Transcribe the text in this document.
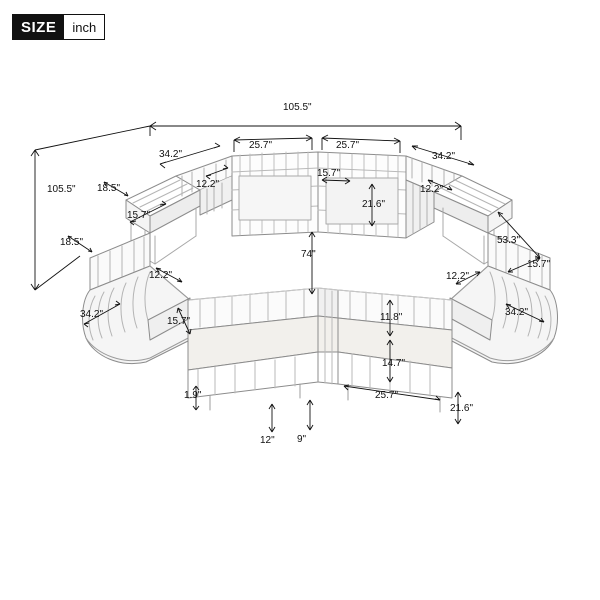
SIZE	inch
105.5"
105.5"
34.2"
25.7"	25.7"
34.2"
18.5"	12.2"
15.7"
15.7"
21.6"
12.2"
53.3"
18.5"
74"
12.2"	12.2"
15.7"
34.2"
15.7"
34.2"
11.8"
14.7"
25.7"
21.6"
1.9"
12" 9"
